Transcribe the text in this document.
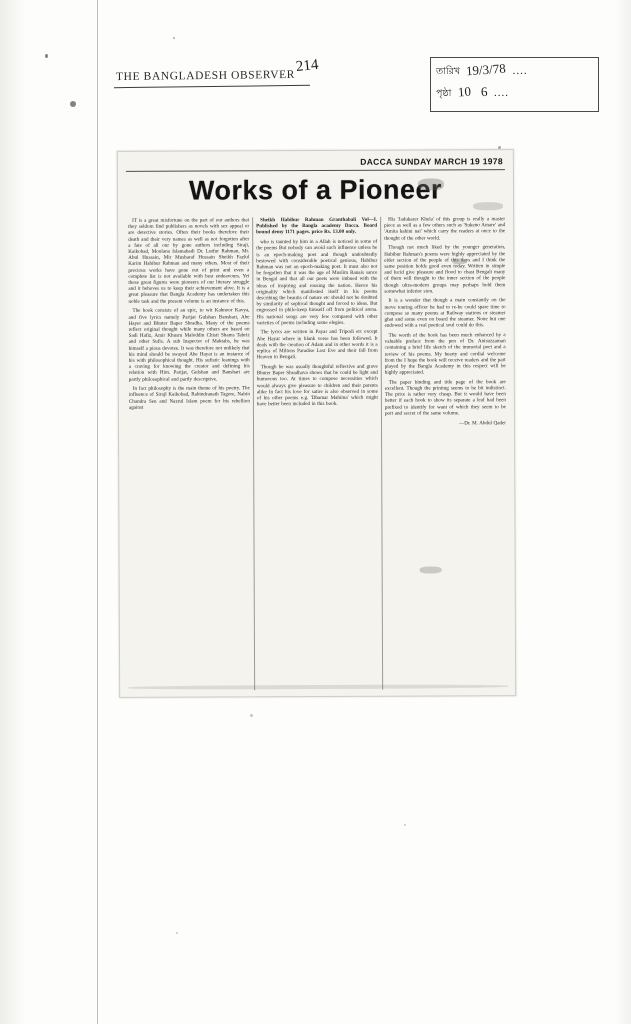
THE BANGLADESH OBSERVER
214	তারিখ 19/3/78 ....
পৃষ্ঠা 10 6 ....
DACCA SUNDAY MARCH 19 1978
Works of a Pioneer

IT is a great misfortune on the part of our authors that they seldom find publishers as novels with sex appeal or are detective stories. Often their books therefore their death and their very names as well as not forgotten after a fate of all our by gone authors including Siraji, Kaikobad, Moulana Islamabadi Dr. Lutfur Rahman, Mr. Abul Hussain, Mir Musharaf Hussain Sheikh Fazlul Karim Habibur Rahman and many others. Most of their precious works have gone out of print and even a complete list is not available with best endeavours. Yet these great figures were pioneers of our literary struggle and it behoves us to keep their achievement alive. It is a great pleasure that Bangla Academy has undertaken this noble task and the present volume is an instance of this.

The book consists of an epic, to wit Kahnoor Kavya, and five lyrics namely Parijat Gulshan Banshari, Abe Hayet and Bhuter Baper Shradha. Many of the poems reflect original thought while many others are based on Sadi Hafiz, Amir Khusru Maloddin Chisti Shams Tabriz and other Sufis. A sub Inspector of Maktabs, he was himself a pious devotee. It was therefore not unlikely that his mind should be swayed Abe Hayat is an instance of his with philosophical thought. His sufistic leanings with a craving for knowing the creator and defining his relation with Him. Parijat, Gulshan and Banshari are partly philosophical and partly descriptive.

In fact philosophy is the main theme of his poetry. The influence of Sirajl Kaikobad, Rabindranath Tagore, Nabin Chandra Sen and Nazrul Islam poem for his rebellion against

Sheikh Habibur Rahman Granthabali Vol—I. Published by the Bangla academy Dacca. Board bound demy 1171 pages. price Rs. 13.00 only.

who is taunted by him in a Allah is noticed in some of the poems But nobody can avoid such influence unless he is an epoch-making poet and though undoubtedly bestowed with considerable poetical genious, Habibur Rahman was not an epoch-making poet. It must also not be forgotten that it was the age of Muslim Ranais sance in Bengal and that all our poets were imbued with the ideas of inspiring and rousing the nation. Hence his originality which manifested itself in his poems describing the beautis of nature etc should not be doubted by similarity of sophical thought and forced to ideas. But engrossed in philo-keep himself off from political arena. His national songs are very few compared with other varieties of poems including some elegies.

The lyrics are written in Payar and Tripodi etc except Abe Hayat where in blank verse has been followed. It deals with the creation of Adam and in other words it is a replica of Miltons Paradise Lost Eve and their fall from Heaven in Bengali.

Though he was usually thoughtful reflective and grave Bhuter Baper Shradhava shows that he could be light and humorous too. At times to compose necessities which would always give pleasure to children and their parents alike In fact his love for satire is also observed in some of his other poems e.g. 'Dhamar Mahima' which might have better been included in this book.

His 'Jadukarer Khela' of this group is really a master piece as well as a few others such as 'Sukeno Amare' and 'Amita kahini nai' which carry the readers at once to the thought of the other world.

Though not much liked by the younger generation, Habibur Rahman's poems were highly appreciated by the elder section of the people of this days and I think the same position holds good even today. Written in simple and lucid give pleasure and flood to chast Bengali many of them will thought to the inner section of the people though ultra-modern groups may perhaps hold them somewhat inferior sion.

It is a wonder that though a main constantly on the move touring officer he had to re-he could spare time to compose so many poems at Railway stations or steamer ghat and some even on board the steamer. None but one endowed with a real poetical soul could do this.

The worth of the book has been much enhanced by a valuable preface from the pen of Dr. Anisuzzaman containing a brief life sketch of the immortal poet and a review of his poems. My hearty and cordial welcome from the I hope the book will receive readers and the part played by the Bangla Academy in this respect will be highly appreciated.

The paper binding and title page of the book are excellent. Though the printing seems to be bit indistinct. The price is rather very cheap. But it would have been better if each book to show its separate a leaf had been prefixed to identify for want of which they seem to be port and secret of the same volume.

—Dr. M. Abdul Qader
